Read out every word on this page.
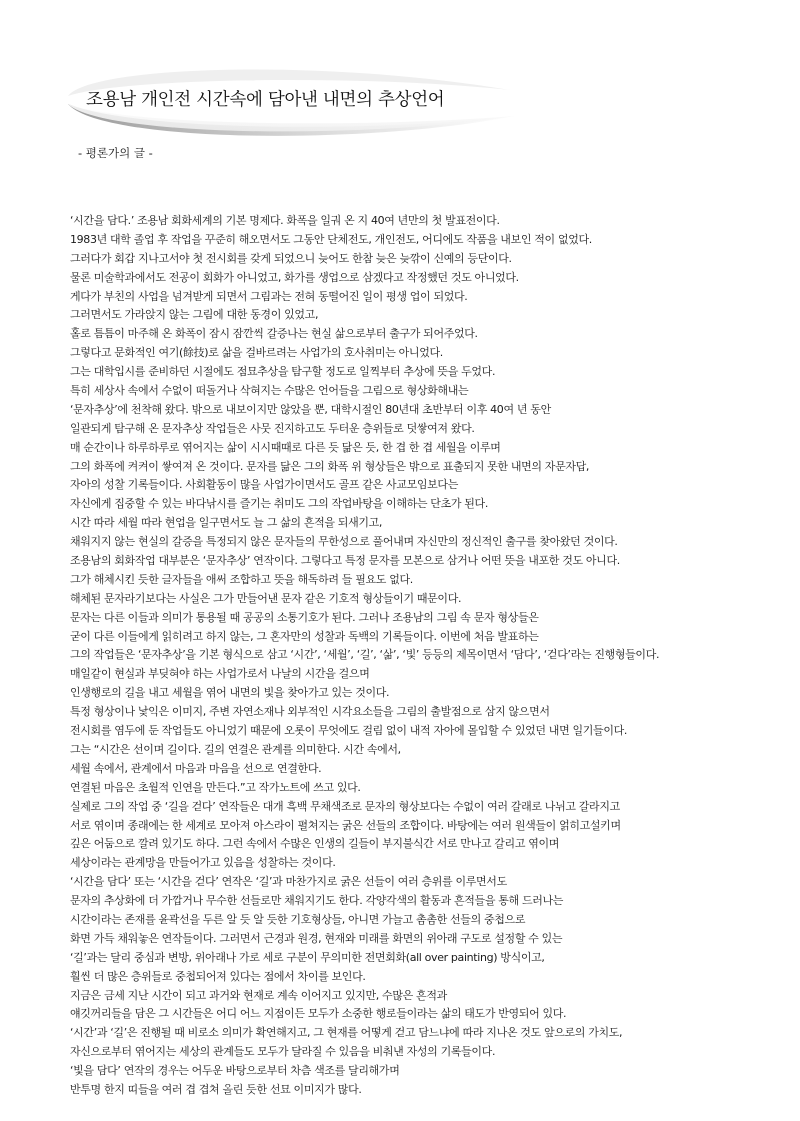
조용남 개인전 시간속에 담아낸 내면의 추상언어
- 평론가의 글 -
‘시간을 담다.’ 조용남 회화세계의 기본 명제다. 화폭을 일궈 온 지 40여 년만의 첫 발표전이다.
1983년 대학 졸업 후 작업을 꾸준히 해오면서도 그동안 단체전도, 개인전도, 어디에도 작품을 내보인 적이 없었다.
그러다가 회갑 지나고서야 첫 전시회를 갖게 되었으니 늦어도 한참 늦은 늦깎이 신예의 등단이다.
물론 미술학과에서도 전공이 회화가 아니었고, 화가를 생업으로 삼겠다고 작정했던 것도 아니었다.
게다가 부친의 사업을 넘겨받게 되면서 그림과는 전혀 동떨어진 일이 평생 업이 되었다.
그러면서도 가라앉지 않는 그림에 대한 동경이 있었고,
홀로 틈틈이 마주해 온 화폭이 잠시 잠깐씩 갈증나는 현실 삶으로부터 출구가 되어주었다.
그렇다고 문화적인 여기(餘技)로 삶을 걸바르려는 사업가의 호사취미는 아니었다.
그는 대학입시를 준비하던 시절에도 점묘추상을 탐구할 정도로 일찍부터 추상에 뜻을 두었다.
특히 세상사 속에서 수없이 떠돌거나 삭혀지는 수많은 언어들을 그림으로 형상화해내는
‘문자추상’에 천착해 왔다. 밖으로 내보이지만 않았을 뿐, 대학시절인 80년대 초반부터 이후 40여 년 동안
일관되게 탐구해 온 문자추상 작업들은 사뭇 진지하고도 두터운 층위들로 덧쌓여져 왔다.
매 순간이나 하루하루로 엮어지는 삶이 시시때때로 다른 듯 닮은 듯, 한 겹 한 겹 세월을 이루며
그의 화폭에 켜켜이 쌓여져 온 것이다. 문자를 닮은 그의 화폭 위 형상들은 밖으로 표출되지 못한 내면의 자문자답,
자아의 성찰 기록들이다. 사회활동이 많을 사업가이면서도 골프 같은 사교모임보다는
자신에게 집중할 수 있는 바다낚시를 즐기는 취미도 그의 작업바탕을 이해하는 단초가 된다.
시간 따라 세월 따라 현업을 일구면서도 늘 그 삶의 흔적을 되새기고,
채워지지 않는 현실의 갈증을 특정되지 않은 문자들의 무한성으로 풀어내며 자신만의 정신적인 출구를 찾아왔던 것이다.
조용남의 회화작업 대부분은 ‘문자추상’ 연작이다. 그렇다고 특정 문자를 모본으로 삼거나 어떤 뜻을 내포한 것도 아니다.
그가 해체시킨 듯한 글자들을 애써 조합하고 뜻을 해독하려 들 필요도 없다.
해체된 문자라기보다는 사실은 그가 만들어낸 문자 같은 기호적 형상들이기 때문이다.
문자는 다른 이들과 의미가 통용될 때 공공의 소통기호가 된다. 그러나 조용남의 그림 속 문자 형상들은
굳이 다른 이들에게 읽히려고 하지 않는, 그 혼자만의 성찰과 독백의 기록들이다. 이번에 처음 발표하는
그의 작업들은 ‘문자추상’을 기본 형식으로 삼고 ‘시간’, ‘세월’, ‘길’, ‘삶’, ‘빛’ 등등의 제목이면서 ‘담다’, ‘걷다’라는 진행형들이다.
매일같이 현실과 부딪혀야 하는 사업가로서 나날의 시간을 걸으며
인생행로의 길을 내고 세월을 엮어 내면의 빛을 찾아가고 있는 것이다.
특정 형상이나 낯익은 이미지, 주변 자연소재나 외부적인 시각요소들을 그림의 출발점으로 삼지 않으면서
전시회를 염두에 둔 작업들도 아니었기 때문에 오롯이 무엇에도 걸림 없이 내적 자아에 몰입할 수 있었던 내면 일기들이다.
그는 “시간은 선이며 길이다. 길의 연결은 관계를 의미한다. 시간 속에서,
세월 속에서, 관계에서 마음과 마음을 선으로 연결한다.
연결된 마음은 초월적 인연을 만든다.”고 작가노트에 쓰고 있다.
실제로 그의 작업 중 ‘길을 걷다’ 연작들은 대개 흑백 무채색조로 문자의 형상보다는 수없이 여러 갈래로 나뉘고 갈라지고
서로 엮이며 종래에는 한 세계로 모아져 아스라이 펼쳐지는 굵은 선들의 조합이다. 바탕에는 여러 원색들이 얽히고설키며
깊은 어둠으로 깔려 있기도 하다. 그런 속에서 수많은 인생의 길들이 부지불식간 서로 만나고 갈리고 엮이며
세상이라는 관계망을 만들어가고 있음을 성찰하는 것이다.
‘시간을 담다’ 또는 ‘시간을 걷다’ 연작은 ‘길’과 마찬가지로 굵은 선들이 여러 층위를 이루면서도
문자의 추상화에 더 가깝거나 무수한 선들로만 채워지기도 한다. 각양각색의 활동과 흔적들을 통해 드러나는
시간이라는 존재를 윤곽선을 두른 알 듯 알 듯한 기호형상들, 아니면 가늘고 촘촘한 선들의 중첩으로
화면 가득 채워놓은 연작들이다. 그러면서 근경과 원경, 현재와 미래를 화면의 위아래 구도로 설정할 수 있는
‘길’과는 달리 중심과 변방, 위아래나 가로 세로 구분이 무의미한 전면회화(all over painting) 방식이고,
훨씬 더 많은 층위들로 중첩되어져 있다는 점에서 차이를 보인다.
지금은 금세 지난 시간이 되고 과거와 현재로 계속 이어지고 있지만, 수많은 흔적과
얘깃꺼리들을 담은 그 시간들은 어디 어느 지점이든 모두가 소중한 행로들이라는 삶의 태도가 반영되어 있다.
‘시간’과 ‘길’은 진행될 때 비로소 의미가 확연해지고, 그 현재를 어떻게 걷고 담느냐에 따라 지나온 것도 앞으로의 가치도,
자신으로부터 엮어지는 세상의 관계들도 모두가 달라질 수 있음을 비춰낸 자성의 기록들이다.
‘빛을 담다’ 연작의 경우는 어두운 바탕으로부터 차츰 색조를 달리해가며
반투명 한지 띠들을 여러 겹 겹쳐 올린 듯한 선묘 이미지가 많다.
